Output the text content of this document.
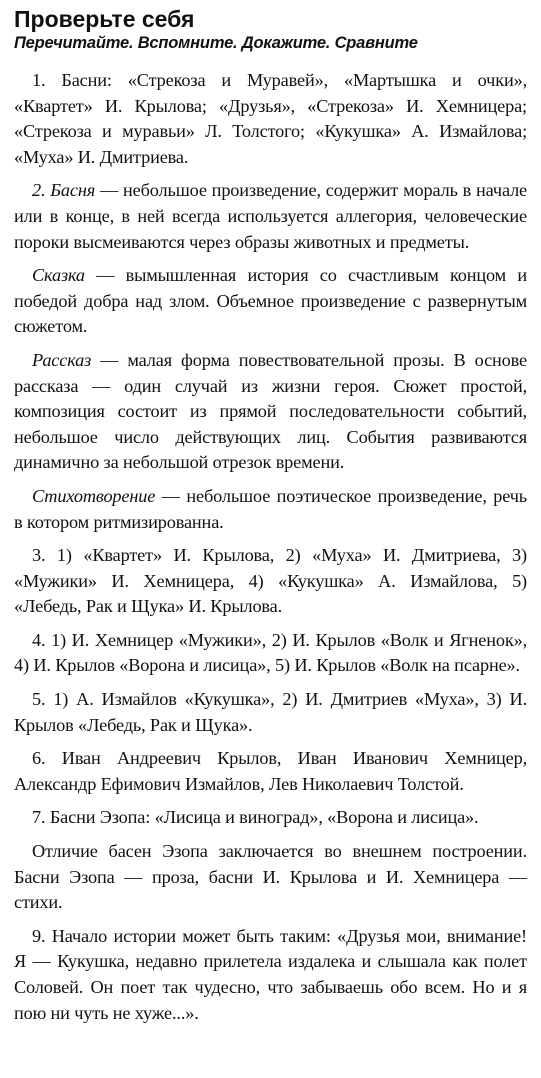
Проверьте себя

Перечитайте. Вспомните. Докажите. Сравните

1. Басни: «Стрекоза и Муравей», «Мартышка и очки», «Квартет» И. Крылова; «Друзья», «Стрекоза» И. Хемницера; «Стрекоза и муравьи» Л. Толстого; «Кукушка» А. Измайлова; «Муха» И. Дмитриева.

2. Басня — небольшое произведение, содержит мораль в начале или в конце, в ней всегда используется аллегория, человеческие пороки высмеиваются через образы животных и предметы.

Сказка — вымышленная история со счастливым концом и победой добра над злом. Объемное произведение с развернутым сюжетом.

Рассказ — малая форма повествовательной прозы. В основе рассказа — один случай из жизни героя. Сюжет простой, композиция состоит из прямой последовательности событий, небольшое число действующих лиц. События развиваются динамично за небольшой отрезок времени.

Стихотворение — небольшое поэтическое произведение, речь в котором ритмизированна.

3. 1) «Квартет» И. Крылова, 2) «Муха» И. Дмитриева, 3) «Мужики» И. Хемницера, 4) «Кукушка» А. Измайлова, 5) «Лебедь, Рак и Щука» И. Крылова.

4. 1) И. Хемницер «Мужики», 2) И. Крылов «Волк и Ягненок», 4) И. Крылов «Ворона и лисица», 5) И. Крылов «Волк на псарне».

5. 1) А. Измайлов «Кукушка», 2) И. Дмитриев «Муха», 3) И. Крылов «Лебедь, Рак и Щука».

6. Иван Андреевич Крылов, Иван Иванович Хемницер, Александр Ефимович Измайлов, Лев Николаевич Толстой.

7. Басни Эзопа: «Лисица и виноград», «Ворона и лисица».

Отличие басен Эзопа заключается во внешнем построении. Басни Эзопа — проза, басни И. Крылова и И. Хемницера — стихи.

9. Начало истории может быть таким: «Друзья мои, внимание! Я — Кукушка, недавно прилетела издалека и слышала как полет Соловей. Он поет так чудесно, что забываешь обо всем. Но и я пою ни чуть не хуже...».
